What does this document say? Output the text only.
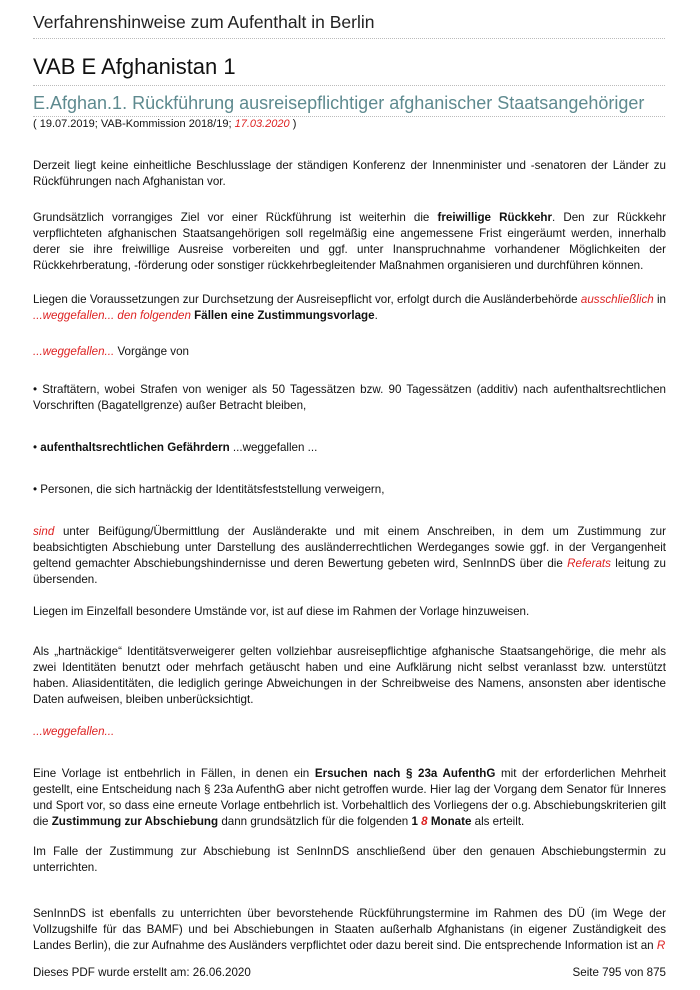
Verfahrenshinweise zum Aufenthalt in Berlin
VAB E Afghanistan 1
E.Afghan.1. Rückführung ausreisepflichtiger afghanischer Staatsangehöriger
( 19.07.2019; VAB-Kommission 2018/19; 17.03.2020 )

Derzeit liegt keine einheitliche Beschlusslage der ständigen Konferenz der Innenminister und -senatoren der Länder zu Rückführungen nach Afghanistan vor.

Grundsätzlich vorrangiges Ziel vor einer Rückführung ist weiterhin die freiwillige Rückkehr. Den zur Rückkehr verpflichteten afghanischen Staatsangehörigen soll regelmäßig eine angemessene Frist eingeräumt werden, innerhalb derer sie ihre freiwillige Ausreise vorbereiten und ggf. unter Inanspruchnahme vorhandener Möglichkeiten der Rückkehrberatung, -förderung oder sonstiger rückkehrbegleitender Maßnahmen organisieren und durchführen können.

Liegen die Voraussetzungen zur Durchsetzung der Ausreisepflicht vor, erfolgt durch die Ausländerbehörde ausschließlich in ...weggefallen... den folgenden Fällen eine Zustimmungsvorlage.

...weggefallen... Vorgänge von

• Straftätern, wobei Strafen von weniger als 50 Tagessätzen bzw. 90 Tagessätzen (additiv) nach aufenthaltsrechtlichen Vorschriften (Bagatellgrenze) außer Betracht bleiben,

• aufenthaltsrechtlichen Gefährdern ...weggefallen ...

• Personen, die sich hartnäckig der Identitätsfeststellung verweigern,

sind unter Beifügung/Übermittlung der Ausländerakte und mit einem Anschreiben, in dem um Zustimmung zur beabsichtigten Abschiebung unter Darstellung des ausländerrechtlichen Werdeganges sowie ggf. in der Vergangenheit geltend gemachter Abschiebungshindernisse und deren Bewertung gebeten wird, SenInnDS über die Referats leitung zu übersenden.

Liegen im Einzelfall besondere Umstände vor, ist auf diese im Rahmen der Vorlage hinzuweisen.

Als „hartnäckige“ Identitätsverweigerer gelten vollziehbar ausreisepflichtige afghanische Staatsangehörige, die mehr als zwei Identitäten benutzt oder mehrfach getäuscht haben und eine Aufklärung nicht selbst veranlasst bzw. unterstützt haben. Aliasidentitäten, die lediglich geringe Abweichungen in der Schreibweise des Namens, ansonsten aber identische Daten aufweisen, bleiben unberücksichtigt.

...weggefallen...

Eine Vorlage ist entbehrlich in Fällen, in denen ein Ersuchen nach § 23a AufenthG mit der erforderlichen Mehrheit gestellt, eine Entscheidung nach § 23a AufenthG aber nicht getroffen wurde. Hier lag der Vorgang dem Senator für Inneres und Sport vor, so dass eine erneute Vorlage entbehrlich ist. Vorbehaltlich des Vorliegens der o.g. Abschiebungskriterien gilt die Zustimmung zur Abschiebung dann grundsätzlich für die folgenden 1 8 Monate als erteilt.

Im Falle der Zustimmung zur Abschiebung ist SenInnDS anschließend über den genauen Abschiebungstermin zu unterrichten.

SenInnDS ist ebenfalls zu unterrichten über bevorstehende Rückführungstermine im Rahmen des DÜ (im Wege der Vollzugshilfe für das BAMF) und bei Abschiebungen in Staaten außerhalb Afghanistans (in eigener Zuständigkeit des Landes Berlin), die zur Aufnahme des Ausländers verpflichtet oder dazu bereit sind. Die entsprechende Information ist an R

Dieses PDF wurde erstellt am: 26.06.2020	Seite 795 von 875
